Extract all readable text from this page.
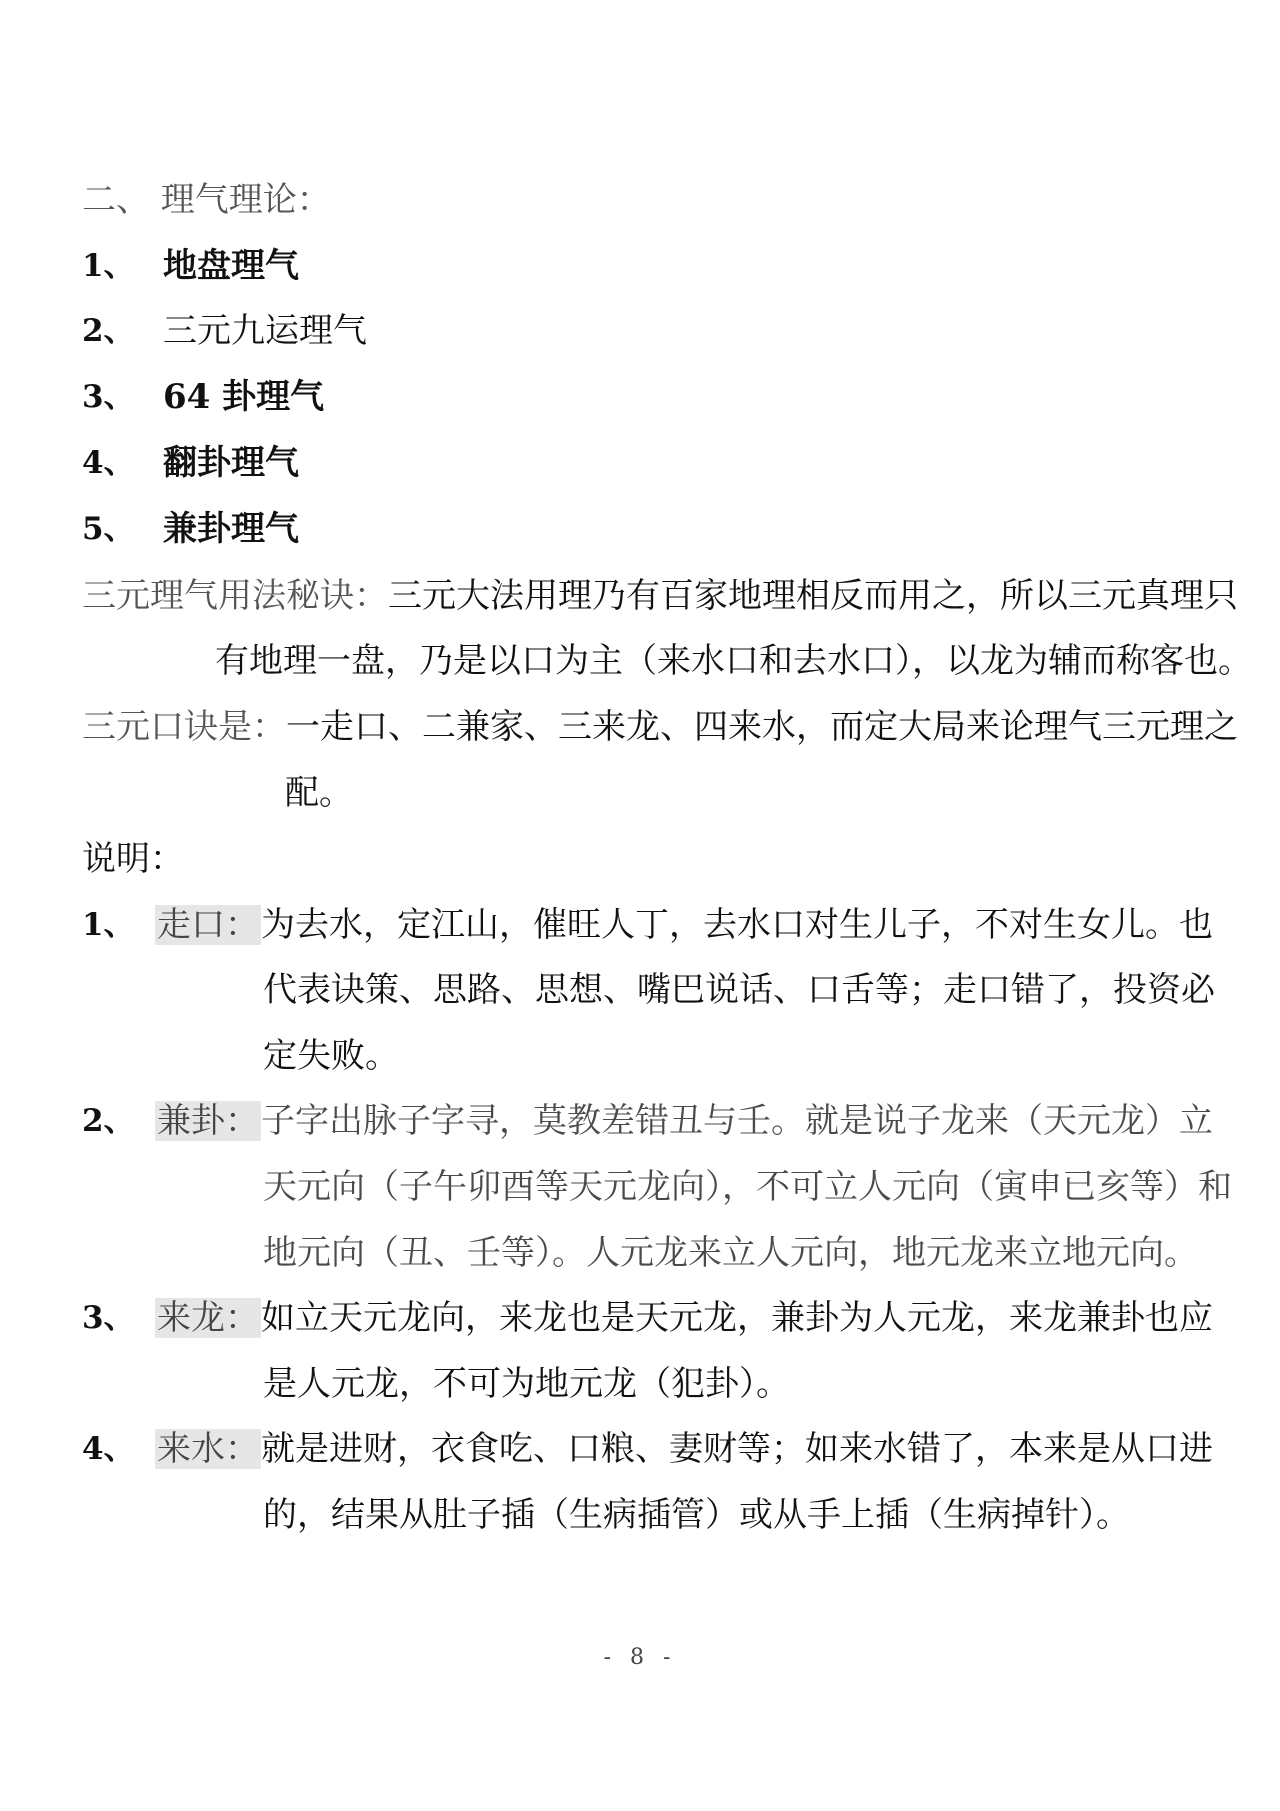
二、 理气理论：
1、 地盘理气
2、 三元九运理气
3、 64 卦理气
4、 翻卦理气
5、 兼卦理气
三元理气用法秘诀：三元大法用理乃有百家地理相反而用之，所以三元真理只
有地理一盘，乃是以口为主（来水口和去水口），以龙为辅而称客也。
三元口诀是：一走口、二兼家、三来龙、四来水，而定大局来论理气三元理之
配。
说明：
1、 走口：为去水，定江山，催旺人丁，去水口对生儿子，不对生女儿。也
代表诀策、思路、思想、嘴巴说话、口舌等；走口错了，投资必
定失败。
2、 兼卦：子字出脉子字寻，莫教差错丑与壬。就是说子龙来（天元龙）立
天元向（子午卯酉等天元龙向），不可立人元向（寅申已亥等）和
地元向（丑、壬等）。人元龙来立人元向，地元龙来立地元向。
3、 来龙：如立天元龙向，来龙也是天元龙，兼卦为人元龙，来龙兼卦也应
是人元龙，不可为地元龙（犯卦）。
4、 来水：就是进财，衣食吃、口粮、妻财等；如来水错了，本来是从口进
的，结果从肚子插（生病插管）或从手上插（生病掉针）。
- 8 -
